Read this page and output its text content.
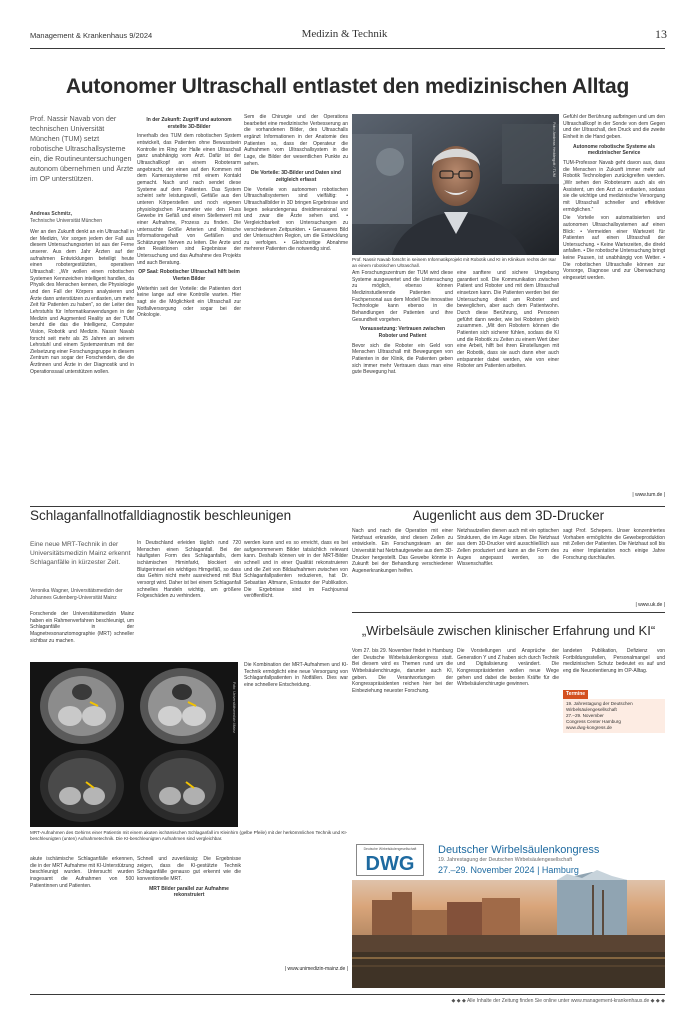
Management & Krankenhaus 9/2024	Medizin & Technik	13
Autonomer Ultraschall entlastet den medizinischen Alltag
Prof. Nassir Navab von der technischen Universität München (TUM) setzt robotische Ultraschallsysteme ein, die Routineuntersuchungen autonom übernehmen und Ärzte im OP unterstützen.
Andreas Schmitz,
Technische Universität München
Wer an den Zukunft denkt an ein Ultraschall in der Medizin, Vor sorgen jedem der Fall aus diesem Untersuchungsorten ist aus der Ferne unserer. Aus dem Jahr Ärzten auf der aufnahmen Entwicklungen beteiligt heute einen robotergestützten, operativen Ultraschall: „Wir wollen einen robotischen Systemen Kennzeichen intelligent handlen, da Physik des Menschen kennen, die Physiologie und den Fall der Körpers analysieren und Ärzte dann unterstützen zu entlasten, um mehr Zeit für Patienten zu haben“, so der Leiter des Lehrstuhls für Informatikanwendungen in der Medizin und Augmented Reality an der TUM beruht die das die Intelligenz, Computer Vision, Robotik und Medizin. Nassir Navab forscht seit mehr als 25 Jahren an seinem Lehrstuhl und einem Systemzentrum mit der Zielsetzung einer Forschungsgruppe in diesem Zentrum nun sogar der Forschenden, die die Ärztinnen und Ärzte in der Diagnostik und in Operationssaal unterstützen wollen.
In der Zukunft: Zugriff und autonom erstellte 3D-Bilder

Innerhalb des TUM dem robotischen System entwickelt, das Patienten ohne Bewusstsein Kontrolle im Ring der Halle einen Ultraschall ganz unabhängig vom Arzt. Dafür ist der Ultraschallkopf an einem Roboterarm angebracht, der einen auf den Kommen mit dem Kamerasysteme mit einem Kontakt gemacht. Nach und nach sendet diese Systeme auf dem Patienten. Das System scheint sehr leistungsvoll, Gefäße aus den unteren Körperstellen und noch eigenen physiologischen Parameter wie den Fluss Gewebe im Gefäß und einen Stellenwert mit einer Aufnahme, Prozess zu finden. Die untersuchte Größe Arterien und Klinische Informationsgehalt von Gefäßen und Schätzungen Nerven zu leiten. Die Arzte und den Reaktionen sind Ergebnisse der Untersuchung und das Aufnahme des Projekts und auch Beratung.

OP Saal: Robotischer Ultraschall hilft beim Vierten Bilder

Weiterhin seit der Vorteile: die Patienten dort keine lange auf eine Kontrolle warten. Hier sagt sie die Möglichkeit ein Ultraschall zur Notfallversorgung oder sogar bei der Onkologie.

Sem die Chirurgie und der Operations bearbeitet eine medizinische Verbesserung an die vorhandenen Bilder, des Ultraschalls ergänzt Informationen in der Anatomie des Patienten so, dass der Operateur die Aufnahmen vom Ultraschallsystem in die Lage, die Bilder der wesentlichen Punkte zu sehen.

Die Vorteile: 3D-Bilder und Daten sind zeitgleich erfasst

Die Vorteile von autonomen robotischen Ultraschallsystemen sind vielfältig: • Ultraschallbilder in 3D bringen Ergebnisse und liegen sekundengenau dreidimensional vor und zwar die Ärzte sehen und. • Vergleichbarkeit von Untersuchungen zu verschiedenen Zeitpunkten. • Genaueres Bild der Untersuchten Region, um die Entwicklung zu verfolgen. • Gleichzeitige Abnahme mehrerer Patienten die notwendig sind.

Foto: Andreas Heddergott / TUM
Prof. Nassir Navab forscht in seinem Informatikprojekt mit Robotik und KI im Klinikum rechts der Isar an einem robotischen Ultraschall.

Am Forschungszentrum der TUM wird diese Systeme ausgewertet und die Untersuchung zu möglich, ebenso können Medizinstudierende Patienten und Fachpersonal aus dem Modell Die innovative Technologie kann ebenso in die Behandlungen der Patienten und ihre Gesundheit vorgehen.

Voraussetzung: Vertrauen zwischen Roboter und Patient

Bevor sich die Roboter ein Geld von Menschen Ultraschall mit Bewegungen von Patienten in der Klinik, die Patienten geben sich immer mehr Vertrauen dass man eine gute Bewegung hat.

eine sanftere und sichere Umgebung garantiert soll. Die Kommunikation zwischen Patient und Roboter und mit dem Ultraschall einsetzen kann. Die Patienten werden bei der Untersuchung direkt am Roboter und beweglichen, aber auch dem Patientwohn. Durch diese Berührung, und Personen geführt dann weder, wie bei Robotern gleich zusammen. „Mit den Robotern können die Patienten sich sicherer fühlen, sodass die KI und die Robotik zu Zeiten zu einem Wert über eine Arbeit, hilft bei ihren Einstellungen mit der Robotik, dass sie auch dann eher auch entspannter dabei werden, wie von einer Roboter am Patienten arbeiten.

Gefühl der Berührung aufbringen und um den Ultraschallkopf in der Sonde von dem Gegen und der Ultraschall, den Druck und die zweite Einheit in die Hand geben.

Autonome robotische Systeme als medizinischer Service

TUM-Professor Navab geht davon aus, dass die Menschen in Zukunft immer mehr auf Robotik Technologien zurückgreifen werden. „Wir sehen den Roboterarm auch als ein Assistent, um den Arzt zu entlasten, sodass sie die wichtige und medizinische Versorgung mit Ultraschall schneller und effektiver ermöglichen.“

Die Vorteile von automatisierten und autonomen Ultraschallsystemen auf einen Blick: • Vermeiden einer Wartezeit für Patienten auf einen Ultraschall der Untersuchung. • Keine Wartezeiten, die direkt anfallen. • Die robotische Untersuchung bringt keine Pausen, ist unabhängig von Wetter. • Die robotischen Ultraschalle können zur Vorsorge, Diagnose und zur Überwachung eingesetzt werden.

| www.tum.de |
Schlaganfallnotfalldiagnostik beschleunigen
Eine neue MRT-Technik in der Universitätsmedizin Mainz erkennt Schlaganfälle in kürzester Zeit.
Veronika Wagner, Universitätsmedizin der Johannes Gutenberg-Universität Mainz
Forschende der Universitätsmedizin Mainz haben ein Rahmenverfahren beschleunigt, um Schlaganfälle in der Magnetresonanztomographie (MRT) schneller sichtbar zu machen.
In Deutschland erleiden täglich rund 720 Menschen einen Schlaganfall. Bei der häufigsten Form des Schlaganfalls, dem ischämischen Hirninfarkt, blockiert ein Blutgerinnsel ein wichtiges Hirngefäß, so dass das Gehirn nicht mehr ausreichend mit Blut versorgt wird. Daher ist bei einem Schlaganfall schnelles Handeln wichtig, um größere Folgeschäden zu verhindern.
werden kann und es so erreicht, dass es bei aufgenommenem Bilder tatsächlich relevant kann. Deshalb können wir in der MRT-Bilder schnell und in einer Qualität rekonstruieren und die Zeit von Bildaufnahmen zwischen von Schlaganfallpatienten reduzieren, hat Dr. Sebastian Altmann, Erstautor der Publikation. Die Ergebnisse sind im Fachjournal veröffentlicht.
Foto: Universitätsmedizin Mainz
Die Kombination der MRT-Aufnahmen und KI-Technik ermöglicht eine neue Versorgung von Schlaganfallpatienten in Notfällen. Dies war eine schnellere Entscheidung.
MRT-Aufnahmen des Gehirns einer Patientin mit einem akuten ischämischen Schlaganfall im Kleinhirn (gelbe Pfeile) mit der herkömmlichen Technik und KI-beschleunigten (unten) Aufnahmetechnik. Die KI-beschleunigten Aufnahmen sind vergleichbar.
akute ischämische Schlaganfälle erkennen, die in der MRT Aufnahme mit KI-Unterstützung beschleunigt wurden. Untersucht wurden insgesamt die Aufnahmen von 500 Patientinnen und Patienten.

Schnell und zuverlässig: Die Ergebnisse zeigen, dass die KI-gestützte Technik Schlaganfälle genauso gut erkennt wie die konventionelle MRT.

MRT Bilder parallel zur Aufnahme rekonstruiert
| www.unimedizin-mainz.de |
Augenlicht aus dem 3D-Drucker
Nach und nach die Operation mit einer Netzhaut erkrankte, sind diesen Zellen zu entwickeln. Ein Forschungsteam an der Universität hat Netzhautgewebe aus dem 3D-Drucker hergestellt. Das Gewebe könnte in Zukunft bei der Behandlung verschiedener Augenerkrankungen helfen.
Netzhautzellen dienen auch mit ein optischen Strukturen, die im Auge sitzen. Die Netzhaut aus dem 3D-Drucker wird ausschließlich aus Zellen produziert und kann an die Form des Auges angepasst werden, so die Wissenschaftler.
sagt Prof. Schepers. Unser konzentriertes Vorhaben ermöglichte die Gewebeproduktion mit Zellen der Patienten. Die Netzhaut soll bis zu einer Implantation noch einige Jahre Forschung durchlaufen.
| www.uk.de |
„Wirbelsäule zwischen klinischer Erfahrung und KI“
Vom 27. bis 29. November findet in Hamburg der Deutsche Wirbelsäulenkongress statt. Bei diesem wird es Themen rund um die Wirbelsäulenchirurgie, darunter auch KI, geben. Die Verantwortungen der Kongresspräsidenten reichen hier bei der Einbeziehung neuester Forschung.
Die Vorstellungen und Ansprüche der Generation Y und Z haben sich durch Technik und Digitalisierung verändert. Die Kongresspräsidenten wollen neue Wege gehen und dabei die besten Kräfte für die Wirbelsäulenchirurgie gewinnen.
landeten Publikation, Defizienz von Fortbildungsstellen, Personalmangel und medizinischen Schutz bedeutet es auf und eng die Neuorientierung im OP-Alltag.
Termine
19. Jahrestagung der Deutschen Wirbelsäulengesellschaft
27.–29. November
Congress Center Hamburg
www.dwg-kongress.de
Deutsche Wirbelsäulengesellschaft
DWG
Deutscher Wirbelsäulenkongress
19. Jahrestagung der Deutschen Wirbelsäulengesellschaft
27.–29. November 2024 | Hamburg
◆ ◆ ◆ Alle Inhalte der Zeitung finden Sie online unter www.management-krankenhaus.de ◆ ◆ ◆
